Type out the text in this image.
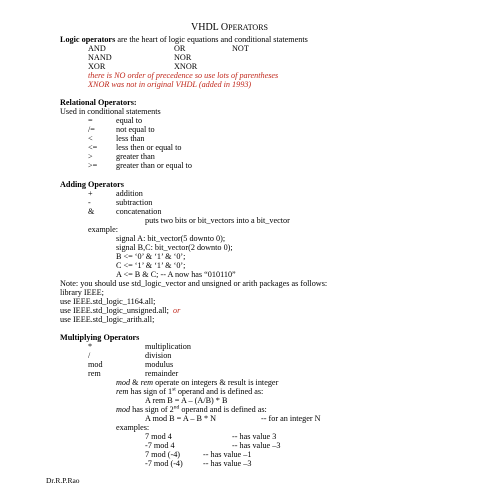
VHDL OPERATORS
Logic operators are the heart of logic equations and conditional statements
AND	OR	NOT
NAND	NOR
XOR	XNOR
there is NO order of precedence so use lots of parentheses
XNOR was not in original VHDL (added in 1993)
Relational Operators:
Used in conditional statements
=	equal to
/=	not equal to
<	less than
<= less then or equal to
>	greater than
>= greater than or equal to
Adding Operators
+	addition
-	subtraction
&	concatenation
puts two bits or bit_vectors into a bit_vector
example:
signal A: bit_vector(5 downto 0);
signal B,C: bit_vector(2 downto 0);
B <= ‘0’ & ‘1’ & ‘0’;
C <= ‘1’ & ‘1’ & ‘0’;
A <= B & C; -- A now has “010110”
Note: you should use std_logic_vector and unsigned or arith packages as follows:
library IEEE;
use IEEE.std_logic_1164.all;
use IEEE.std_logic_unsigned.all; or
use IEEE.std_logic_arith.all;
Multiplying Operators
*	multiplication
/	division
mod	modulus
rem	remainder
mod & rem operate on integers & result is integer
rem has sign of 1st operand and is defined as:
A rem B = A – (A/B) * B
mod has sign of 2nd operand and is defined as:
A mod B = A – B * N	-- for an integer N
examples:
7 mod 4	-- has value 3
-7 mod 4	-- has value –3
7 mod (-4)	-- has value –1
-7 mod (-4) -- has value –3
Dr.R.P.Rao
